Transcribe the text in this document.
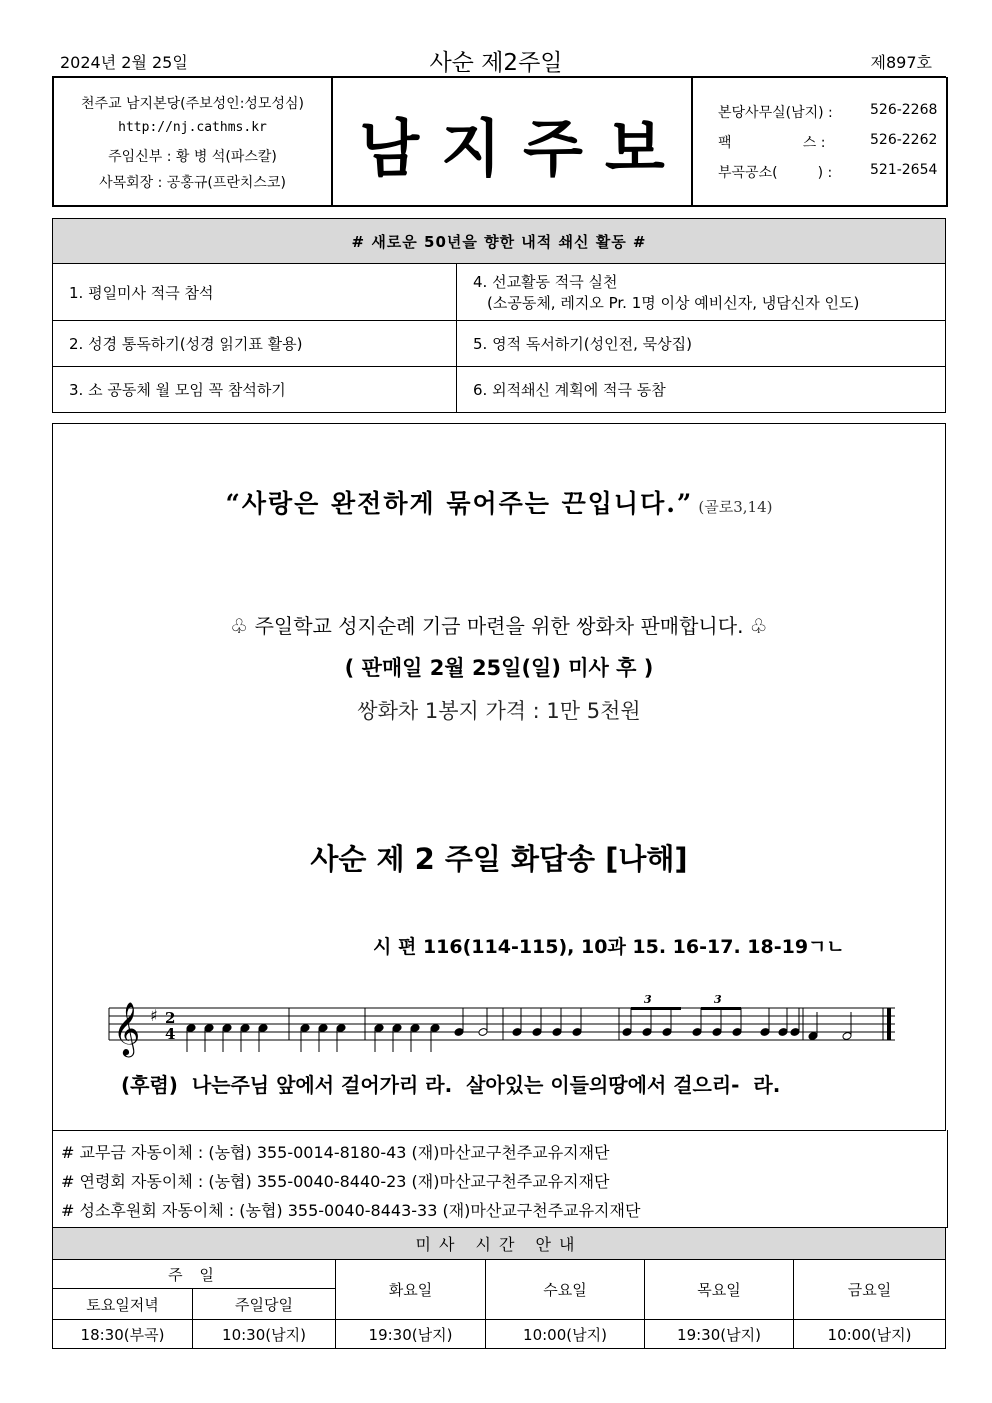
2024년 2월 25일	사순 제2주일	제897호
천주교 남지본당(주보성인:성모성심)
http://nj.cathms.kr
주임신부 : 황 병 석(파스칼)
사목회장 : 공홍규(프란치스코)	남지주보	본당사무실(남지) :	526-2268
팩                스 :	526-2262
부곡공소(         ) :	521-2654
# 새로운 50년을 향한 내적 쇄신 활동 #	
1. 평일미사 적극 참석	4. 선교활동 적극 실천
(소공동체, 레지오 Pr. 1명 이상 예비신자, 냉담신자 인도)

2. 성경 통독하기(성경 읽기표 활용)	5. 영적 독서하기(성인전, 묵상집)
3. 소 공동체 월 모임 꼭 참석하기	6. 외적쇄신 계획에 적극 동참
“사랑은 완전하게 묶어주는 끈입니다.” (골로3,14)
♧ 주일학교 성지순례 기금 마련을 위한 쌍화차 판매합니다. ♧
( 판매일 2월 25일(일) 미사 후 )
쌍화차 1봉지 가격 : 1만 5천원
사순 제 2 주일 화답송 [나해]
시 편 116(114-115), 10과 15. 16-17. 18-19ㄱㄴ
𝄞 ♯ 2
4
3	3
(후렴)  나는주님 앞에서 걸어가리 라.  살아있는 이들의땅에서 걸으리-  라.
# 교무금 자동이체 : (농협) 355-0014-8180-43 (재)마산교구천주교유지재단
# 연령회 자동이체 : (농협) 355-0040-8440-23 (재)마산교구천주교유지재단
# 성소후원회 자동이체 : (농협) 355-0040-8443-33 (재)마산교구천주교유지재단
미사 시간 안내					
주 일		화요일	수요일	목요일	금요일
토요일저녁	주일당일				
18:30(부곡)	10:30(남지)	19:30(남지)	10:00(남지)	19:30(남지)	10:00(남지)
